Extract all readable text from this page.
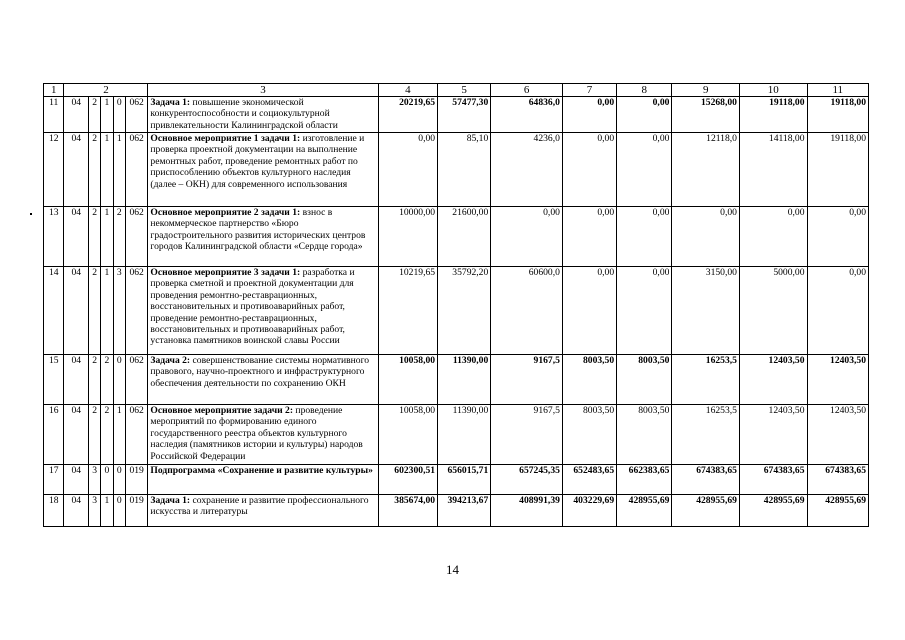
1	2					3	4	5	6	7	8	9	10	11
11	04	2	1	0	062	Задача 1: повышение экономической конкурентоспособности и социокультурной привлекательности Калининградской области	20219,65	57477,30	64836,0	0,00	0,00	15268,00	19118,00	19118,00
12	04	2	1	1	062	Основное мероприятие 1 задачи 1: изготовление и проверка проектной документации на выполнение ремонтных работ, проведение ремонтных работ по приспособлению объектов культурного наследия (далее – ОКН) для современного использования	0,00	85,10	4236,0	0,00	0,00	12118,0	14118,00	19118,00
13	04	2	1	2	062	Основное мероприятие 2 задачи 1: взнос в некоммерческое партнерство «Бюро градостроительного развития исторических центров городов Калининградской области «Сердце города»	10000,00	21600,00	0,00	0,00	0,00	0,00	0,00	0,00
14	04	2	1	3	062	Основное мероприятие 3 задачи 1: разработка и проверка сметной и проектной документации для проведения ремонтно-реставрационных, восстановительных и противоаварийных работ, проведение ремонтно-реставрационных, восстановительных и противоаварийных работ, установка памятников воинской славы России	10219,65	35792,20	60600,0	0,00	0,00	3150,00	5000,00	0,00
15	04	2	2	0	062	Задача 2: совершенствование системы нормативного правового, научно-проектного и инфраструктурного обеспечения деятельности по сохранению ОКН	10058,00	11390,00	9167,5	8003,50	8003,50	16253,5	12403,50	12403,50
16	04	2	2	1	062	Основное мероприятие задачи 2: проведение мероприятий по формированию единого государственного реестра объектов культурного наследия (памятников истории и культуры) народов Российской Федерации	10058,00	11390,00	9167,5	8003,50	8003,50	16253,5	12403,50	12403,50
17	04	3	0	0	019	Подпрограмма «Сохранение и развитие культуры»	602300,51	656015,71	657245,35	652483,65	662383,65	674383,65	674383,65	674383,65
18	04	3	1	0	019	Задача 1: сохранение и развитие профессионального искусства и литературы	385674,00	394213,67	408991,39	403229,69	428955,69	428955,69	428955,69	428955,69
14
